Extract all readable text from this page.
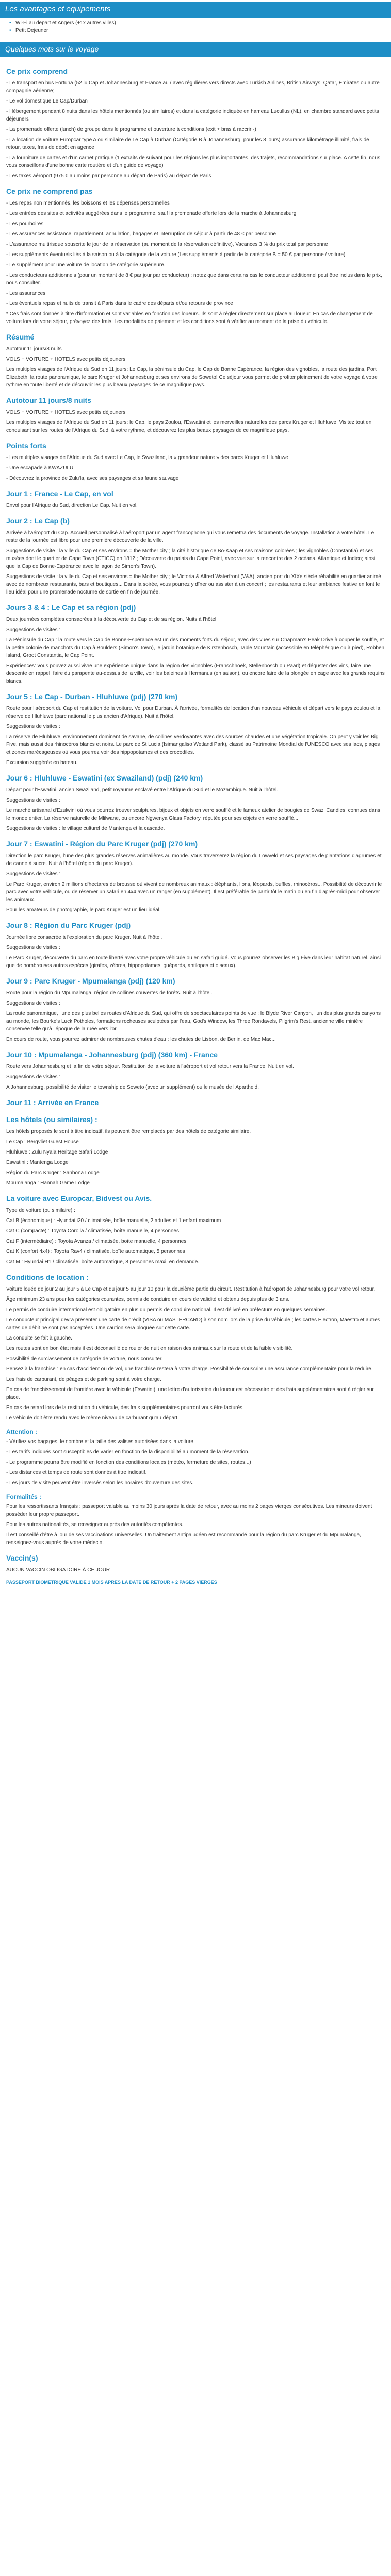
Les avantages et equipements
• Wi-Fi au depart et Angers (+1x autres villes)
• Petit Dejeuner
Quelques mots sur le voyage
Ce prix comprend

- Le transport en bus Fortuna (52 lu Cap et Johannesburg et France au / avec régulières vers directs avec Turkish Airlines, British Airways, Qatar, Emirates ou autre compagnie aérienne;

- Le vol domestique Le Cap/Durban

- Hébergement pendant 8 nuits dans les hôtels mentionnés (ou similaires) et dans la catégorie indiquée en hameau Lucullus (NL), en chambre standard avec petits déjeuners

- La promenade offerte (lunch) de groupe dans le programme et ouverture à conditions (exit + bras à raccrir -)

- La location de voiture Europcar type A ou similaire de Le Cap à Durban (Catégorie B à Johannesburg, pour les 8 jours) assurance kilométrage illimité, frais de retour, taxes, frais de dépôt en agence

- La fourniture de cartes et d'un carnet pratique (1 extraits de suivant pour les régions les plus importantes, des trajets, recommandations sur place. A cette fin, nous vous conseillons d'une bonne carte routière et d'un guide de voyage)

- Les taxes aéroport (975 € au moins par personne au départ de Paris) au départ de Paris

Ce prix ne comprend pas

- Les repas non mentionnés, les boissons et les dépenses personnelles

- Les entrées des sites et activités suggérées dans le programme, sauf la promenade offerte lors de la marche à Johannesburg

- Les pourboires

- Les assurances assistance, rapatriement, annulation, bagages et interruption de séjour à partir de 48 € par personne

- L'assurance multirisque souscrite le jour de la réservation (au moment de la réservation définitive), Vacances 3 % du prix total par personne

- Les suppléments éventuels liés à la saison ou à la catégorie de la voiture (Les suppléments à partir de la catégorie B = 50 € par personne / voiture)

- Le supplément pour une voiture de location de catégorie supérieure.

- Les conducteurs additionnels (pour un montant de 8 € par jour par conducteur) ; notez que dans certains cas le conducteur additionnel peut être inclus dans le prix, nous consulter.

- Les assurances

- Les éventuels repas et nuits de transit à Paris dans le cadre des départs et/ou retours de province

* Ces frais sont donnés à titre d'information et sont variables en fonction des loueurs. Ils sont à régler directement sur place au loueur. En cas de changement de voiture lors de votre séjour, prévoyez des frais. Les modalités de paiement et les conditions sont à vérifier au moment de la prise du véhicule.

Résumé

Autotour 11 jours/8 nuits

VOLS + VOITURE + HOTELS avec petits déjeuners

Les multiples visages de l'Afrique du Sud en 11 jours: Le Cap, la péninsule du Cap, le Cap de Bonne Espérance, la région des vignobles, la route des jardins, Port Elizabeth, la route panoramique, le parc Kruger et Johannesburg et ses environs de Soweto! Ce séjour vous permet de profiter pleinement de votre voyage à votre rythme en toute liberté et de découvrir les plus beaux paysages de ce magnifique pays.

Autotour 11 jours/8 nuits

VOLS + VOITURE + HOTELS avec petits déjeuners

Les multiples visages de l'Afrique du Sud en 11 jours: le Cap, le pays Zoulou, l'Eswatini et les merveilles naturelles des parcs Kruger et Hluhluwe. Visitez tout en conduisant sur les routes de l'Afrique du Sud, à votre rythme, et découvrez les plus beaux paysages de ce magnifique pays.

Points forts

- Les multiples visages de l'Afrique du Sud avec Le Cap, le Swaziland, la « grandeur nature » des parcs Kruger et Hluhluwe

- Une escapade à KWAZULU

- Découvrez la province de Zulu'la, avec ses paysages et sa faune sauvage

Jour 1 : France - Le Cap, en vol

Envol pour l'Afrique du Sud, direction Le Cap. Nuit en vol.

Jour 2 : Le Cap (b)

Arrivée à l'aéroport du Cap. Accueil personnalisé à l'aéroport par un agent francophone qui vous remettra des documents de voyage. Installation à votre hôtel. Le reste de la journée est libre pour une première découverte de la ville.

Suggestions de visite : la ville du Cap et ses environs = the Mother city ; la cité historique de Bo-Kaap et ses maisons colorées ; les vignobles (Constantia) et ses musées dont le quartier de Cape Town (CTICC) en 1812 ; Découverte du palais du Cape Point, avec vue sur la rencontre des 2 océans. Atlantique et Indien; ainsi que la Cap de Bonne-Espérance avec le lagon de Simon's Town).

Suggestions de visite : la ville du Cap et ses environs = the Mother city ; le Victoria & Alfred Waterfront (V&A), ancien port du XIXe siècle réhabilité en quartier animé avec de nombreux restaurants, bars et boutiques... Dans la soirée, vous pourrez y dîner ou assister à un concert ; les restaurants et leur ambiance festive en font le lieu idéal pour une promenade nocturne de sortie en fin de journée.

Jours 3 & 4 : Le Cap et sa région (pdj)

Deux journées complètes consacrées à la découverte du Cap et de sa région. Nuits à l'hôtel.

Suggestions de visites :

La Péninsule du Cap : la route vers le Cap de Bonne-Espérance est un des moments forts du séjour, avec des vues sur Chapman's Peak Drive à couper le souffle, et la petite colonie de manchots du Cap à Boulders (Simon's Town), le jardin botanique de Kirstenbosch, Table Mountain (accessible en téléphérique ou à pied), Robben Island, Groot Constantia, le Cap Point.

Expériences: vous pouvez aussi vivre une expérience unique dans la région des vignobles (Franschhoek, Stellenbosch ou Paarl) et déguster des vins, faire une descente en rappel, faire du parapente au-dessus de la ville, voir les baleines à Hermanus (en saison), ou encore faire de la plongée en cage avec les grands requins blancs.

Jour 5 : Le Cap - Durban - Hluhluwe (pdj) (270 km)

Route pour l'aéroport du Cap et restitution de la voiture. Vol pour Durban. À l'arrivée, formalités de location d'un nouveau véhicule et départ vers le pays zoulou et la réserve de Hluhluwe (parc national le plus ancien d'Afrique). Nuit à l'hôtel.

Suggestions de visites :

La réserve de Hluhluwe, environnement dominant de savane, de collines verdoyantes avec des sources chaudes et une végétation tropicale. On peut y voir les Big Five, mais aussi des rhinocéros blancs et noirs. Le parc de St Lucia (Isimangaliso Wetland Park), classé au Patrimoine Mondial de l'UNESCO avec ses lacs, plages et zones marécageuses où vous pourrez voir des hippopotames et des crocodiles.

Excursion suggérée en bateau.

Jour 6 : Hluhluwe - Eswatini (ex Swaziland) (pdj) (240 km)

Départ pour l'Eswatini, ancien Swaziland, petit royaume enclavé entre l'Afrique du Sud et le Mozambique. Nuit à l'hôtel.

Suggestions de visites :

Le marché artisanal d'Ezulwini où vous pourrez trouver sculptures, bijoux et objets en verre soufflé et le fameux atelier de bougies de Swazi Candles, connues dans le monde entier. La réserve naturelle de Mlilwane, ou encore Ngwenya Glass Factory, réputée pour ses objets en verre soufflé...

Suggestions de visites : le village culturel de Mantenga et la cascade.

Jour 7 : Eswatini - Région du Parc Kruger (pdj) (270 km)

Direction le parc Kruger, l'une des plus grandes réserves animalières au monde. Vous traverserez la région du Lowveld et ses paysages de plantations d'agrumes et de canne à sucre. Nuit à l'hôtel (région du parc Kruger).

Suggestions de visites :

Le Parc Kruger, environ 2 millions d'hectares de brousse où vivent de nombreux animaux : éléphants, lions, léopards, buffles, rhinocéros... Possibilité de découvrir le parc avec votre véhicule, ou de réserver un safari en 4x4 avec un ranger (en supplément). Il est préférable de partir tôt le matin ou en fin d'après-midi pour observer les animaux.

Pour les amateurs de photographie, le parc Kruger est un lieu idéal.

Jour 8 : Région du Parc Kruger (pdj)

Journée libre consacrée à l'exploration du parc Kruger. Nuit à l'hôtel.

Suggestions de visites :

Le Parc Kruger, découverte du parc en toute liberté avec votre propre véhicule ou en safari guidé. Vous pourrez observer les Big Five dans leur habitat naturel, ainsi que de nombreuses autres espèces (girafes, zèbres, hippopotames, guépards, antilopes et oiseaux).

Jour 9 : Parc Kruger - Mpumalanga (pdj) (120 km)

Route pour la région du Mpumalanga, région de collines couvertes de forêts. Nuit à l'hôtel.

Suggestions de visites :

La route panoramique, l'une des plus belles routes d'Afrique du Sud, qui offre de spectaculaires points de vue : le Blyde River Canyon, l'un des plus grands canyons au monde, les Bourke's Luck Potholes, formations rocheuses sculptées par l'eau, God's Window, les Three Rondavels, Pilgrim's Rest, ancienne ville minière conservée telle qu'à l'époque de la ruée vers l'or.

En cours de route, vous pourrez admirer de nombreuses chutes d'eau : les chutes de Lisbon, de Berlin, de Mac Mac...

Jour 10 : Mpumalanga - Johannesburg (pdj) (360 km) - France

Route vers Johannesburg et la fin de votre séjour. Restitution de la voiture à l'aéroport et vol retour vers la France. Nuit en vol.

Suggestions de visites :

A Johannesburg, possibilité de visiter le township de Soweto (avec un supplément) ou le musée de l'Apartheid.

Jour 11 : Arrivée en France
Les hôtels (ou similaires) :

Les hôtels proposés le sont à titre indicatif, ils peuvent être remplacés par des hôtels de catégorie similaire.

Le Cap : Bergvliet Guest House

Hluhluwe : Zulu Nyala Heritage Safari Lodge

Eswatini : Mantenga Lodge

Région du Parc Kruger : Sanbona Lodge

Mpumalanga : Hannah Game Lodge

La voiture avec Europcar, Bidvest ou Avis.

Type de voiture (ou similaire) :

Cat B (économique) : Hyundai i20 / climatisée, boîte manuelle, 2 adultes et 1 enfant maximum

Cat C (compacte) : Toyota Corolla / climatisée, boîte manuelle, 4 personnes

Cat F (intermédiaire) : Toyota Avanza / climatisée, boîte manuelle, 4 personnes

Cat K (confort 4x4) : Toyota Rav4 / climatisée, boîte automatique, 5 personnes

Cat M : Hyundai H1 / climatisée, boîte automatique, 8 personnes maxi, en demande.

Conditions de location :

Voiture louée de jour 2 au jour 5 à Le Cap et du jour 5 au jour 10 pour la deuxième partie du circuit. Restitution à l'aéroport de Johannesburg pour votre vol retour.

Âge minimum 23 ans pour les catégories courantes, permis de conduire en cours de validité et obtenu depuis plus de 3 ans.

Le permis de conduire international est obligatoire en plus du permis de conduire national. Il est délivré en préfecture en quelques semaines.

Le conducteur principal devra présenter une carte de crédit (VISA ou MASTERCARD) à son nom lors de la prise du véhicule ; les cartes Electron, Maestro et autres cartes de débit ne sont pas acceptées. Une caution sera bloquée sur cette carte.

La conduite se fait à gauche.

Les routes sont en bon état mais il est déconseillé de rouler de nuit en raison des animaux sur la route et de la faible visibilité.

Possibilité de surclassement de catégorie de voiture, nous consulter.

Pensez à la franchise : en cas d'accident ou de vol, une franchise restera à votre charge. Possibilité de souscrire une assurance complémentaire pour la réduire.

Les frais de carburant, de péages et de parking sont à votre charge.

En cas de franchissement de frontière avec le véhicule (Eswatini), une lettre d'autorisation du loueur est nécessaire et des frais supplémentaires sont à régler sur place.

En cas de retard lors de la restitution du véhicule, des frais supplémentaires pourront vous être facturés.

Le véhicule doit être rendu avec le même niveau de carburant qu'au départ.

Attention :

- Vérifiez vos bagages, le nombre et la taille des valises autorisées dans la voiture.

- Les tarifs indiqués sont susceptibles de varier en fonction de la disponibilité au moment de la réservation.

- Le programme pourra être modifié en fonction des conditions locales (météo, fermeture de sites, routes...)

- Les distances et temps de route sont donnés à titre indicatif.

- Les jours de visite peuvent être inversés selon les horaires d'ouverture des sites.

Formalités :

Pour les ressortissants français : passeport valable au moins 30 jours après la date de retour, avec au moins 2 pages vierges consécutives. Les mineurs doivent posséder leur propre passeport.

Pour les autres nationalités, se renseigner auprès des autorités compétentes.

Il est conseillé d'être à jour de ses vaccinations universelles. Un traitement antipaludéen est recommandé pour la région du parc Kruger et du Mpumalanga, renseignez-vous auprès de votre médecin.

Vaccin(s)

AUCUN VACCIN OBLIGATOIRE À CE JOUR

PASSEPORT BIOMETRIQUE VALIDE 1 MOIS APRES LA DATE DE RETOUR + 2 PAGES VIERGES
